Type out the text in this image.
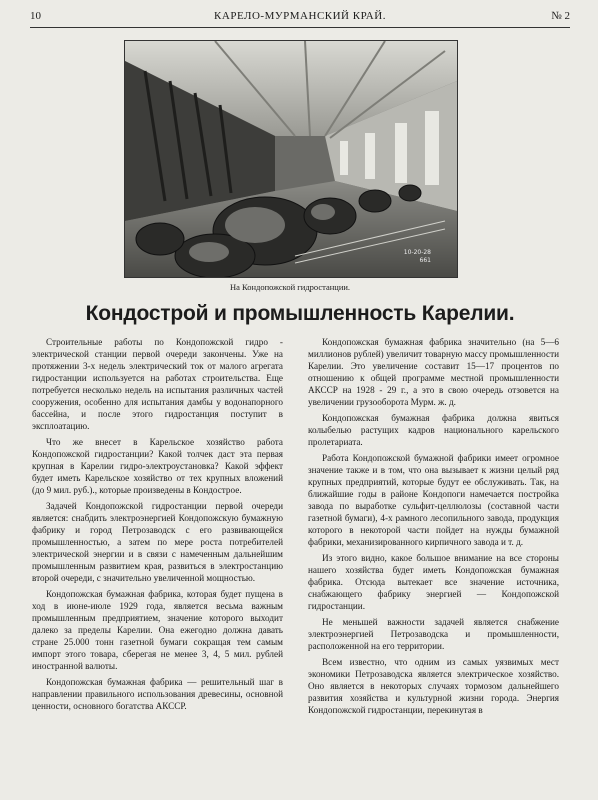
10	КАРЕЛО-МУРМАНСКИЙ КРАЙ.	№ 2
10-20-28
661
На Кондопожской гидростанции.
Кондострой и промышленность Карелии.

Строительные работы по Кондопожской гидро - электрической станции первой очереди закончены. Уже на протяжении 3-х недель электрический ток от малого агрегата гидростанции используется на работах строительства. Еще потребуется несколько недель на испытания различных частей сооружения, особенно для испытания дамбы у водонапорного бассейна, и после этого гидростанция поступит в эксплоатацию.

Что же внесет в Карельское хозяйство работа Кондопожской гидростанции? Какой толчек даст эта первая крупная в Карелии гидро-электроустановка? Какой эффект будет иметь Карельское хозяйство от тех крупных вложений (до 9 мил. руб.)., которые произведены в Кондострое.

Задачей Кондопожской гидростанции первой очереди является: снабдить электроэнергией Кондопожскую бумажную фабрику и город Петрозаводск с его развивающейся промышленностью, а затем по мере роста потребителей электрической энергии и в связи с намеченным дальнейшим промышленным развитием края, развиться в электростанцию второй очереди, с значительно увеличенной мощностью.

Кондопожская бумажная фабрика, которая будет пущена в ход в июне-июле 1929 года, является весьма важным промышленным предприятием, значение которого выходит далеко за пределы Карелии. Она ежегодно должна давать стране 25.000 тонн газетной бумаги сокращая тем самым импорт этого товара, сберегая не менее 3, 4, 5 мил. рублей иностранной валюты.

Кондопожская бумажная фабрика — решительный шаг в направлении правильного использования древесины, основной ценности, основного богатства АКССР.

Кондопожская бумажная фабрика значительно (на 5—6 миллионов рублей) увеличит товарную массу промышленности Карелии. Это увеличение составит 15—17 процентов по отношению к общей программе местной промышленности АКССР на 1928 - 29 г., а это в свою очередь отзовется на увеличении грузооборота Мурм. ж. д.

Кондопожская бумажная фабрика должна явиться колыбелью растущих кадров национального карельского пролетариата.

Работа Кондопожской бумажной фабрики имеет огромное значение также и в том, что она вызывает к жизни целый ряд крупных предприятий, которые будут ее обслуживать. Так, на ближайшие годы в районе Кондопоги намечается постройка завода по выработке сульфит-целлюлозы (составной части газетной бумаги), 4-х рамного лесопильного завода, продукция которого в некоторой части пойдет на нужды бумажной фабрики, механизированного кирпичного завода и т. д.

Из этого видно, какое большое внимание на все стороны нашего хозяйства будет иметь Кондопожская бумажная фабрика. Отсюда вытекает все значение источника, снабжающего фабрику энергией — Кондопожской гидростанции.

Не меньшей важности задачей является снабжение электроэнергией Петрозаводска и промышленности, расположенной на его территории.

Всем известно, что одним из самых уязвимых мест экономики Петрозаводска является электрическое хозяйство. Оно является в некоторых случаях тормозом дальнейшего развития хозяйства и культурной жизни города. Энергия Кондопожской гидростанции, перекинутая в
